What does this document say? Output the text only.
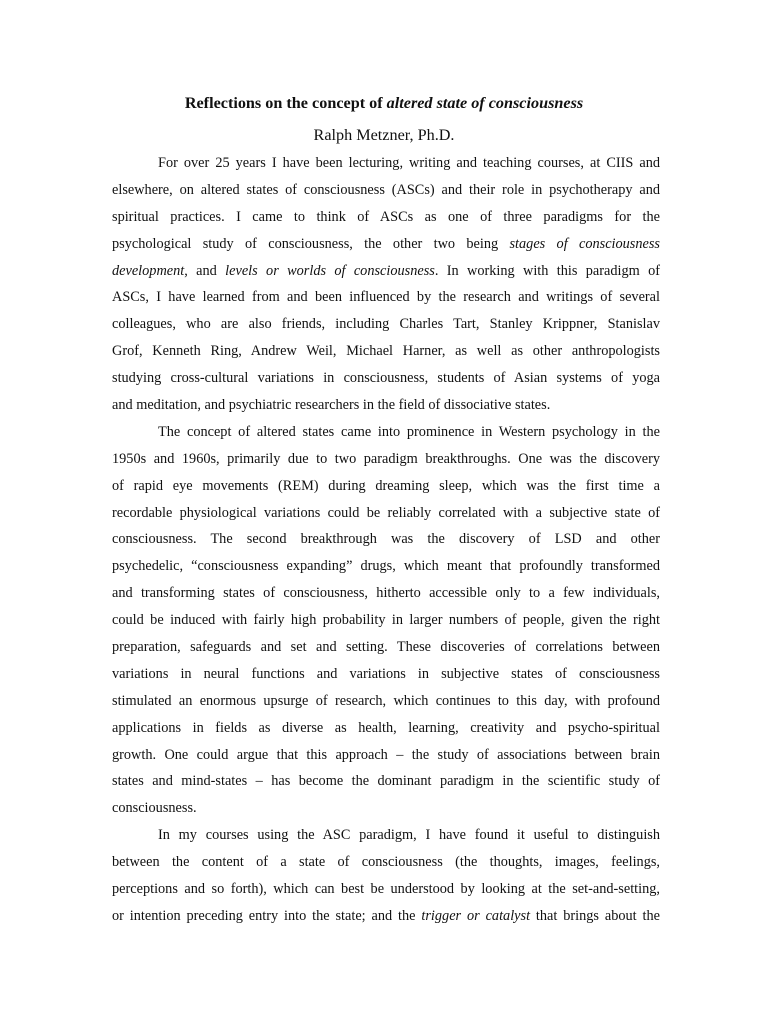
Reflections on the concept of altered state of consciousness
Ralph Metzner, Ph.D.
For over 25 years I have been lecturing, writing and teaching courses, at CIIS and
elsewhere, on altered states of consciousness (ASCs) and their role in psychotherapy and
spiritual practices. I came to think of ASCs as one of three paradigms for the
psychological study of consciousness, the other two being stages of consciousness
development, and levels or worlds of consciousness. In working with this paradigm of
ASCs, I have learned from and been influenced by the research and writings of several
colleagues, who are also friends, including Charles Tart, Stanley Krippner, Stanislav
Grof, Kenneth Ring, Andrew Weil, Michael Harner, as well as other anthropologists
studying cross-cultural variations in consciousness, students of Asian systems of yoga
and meditation, and psychiatric researchers in the field of dissociative states.
The concept of altered states came into prominence in Western psychology in the
1950s and 1960s, primarily due to two paradigm breakthroughs. One was the discovery
of rapid eye movements (REM) during dreaming sleep, which was the first time a
recordable physiological variations could be reliably correlated with a subjective state of
consciousness. The second breakthrough was the discovery of LSD and other
psychedelic, “consciousness expanding” drugs, which meant that profoundly transformed
and transforming states of consciousness, hitherto accessible only to a few individuals,
could be induced with fairly high probability in larger numbers of people, given the right
preparation, safeguards and set and setting. These discoveries of correlations between
variations in neural functions and variations in subjective states of consciousness
stimulated an enormous upsurge of research, which continues to this day, with profound
applications in fields as diverse as health, learning, creativity and psycho-spiritual
growth. One could argue that this approach – the study of associations between brain
states and mind-states – has become the dominant paradigm in the scientific study of
consciousness.
In my courses using the ASC paradigm, I have found it useful to distinguish
between the content of a state of consciousness (the thoughts, images, feelings,
perceptions and so forth), which can best be understood by looking at the set-and-setting,
or intention preceding entry into the state; and the trigger or catalyst that brings about the
